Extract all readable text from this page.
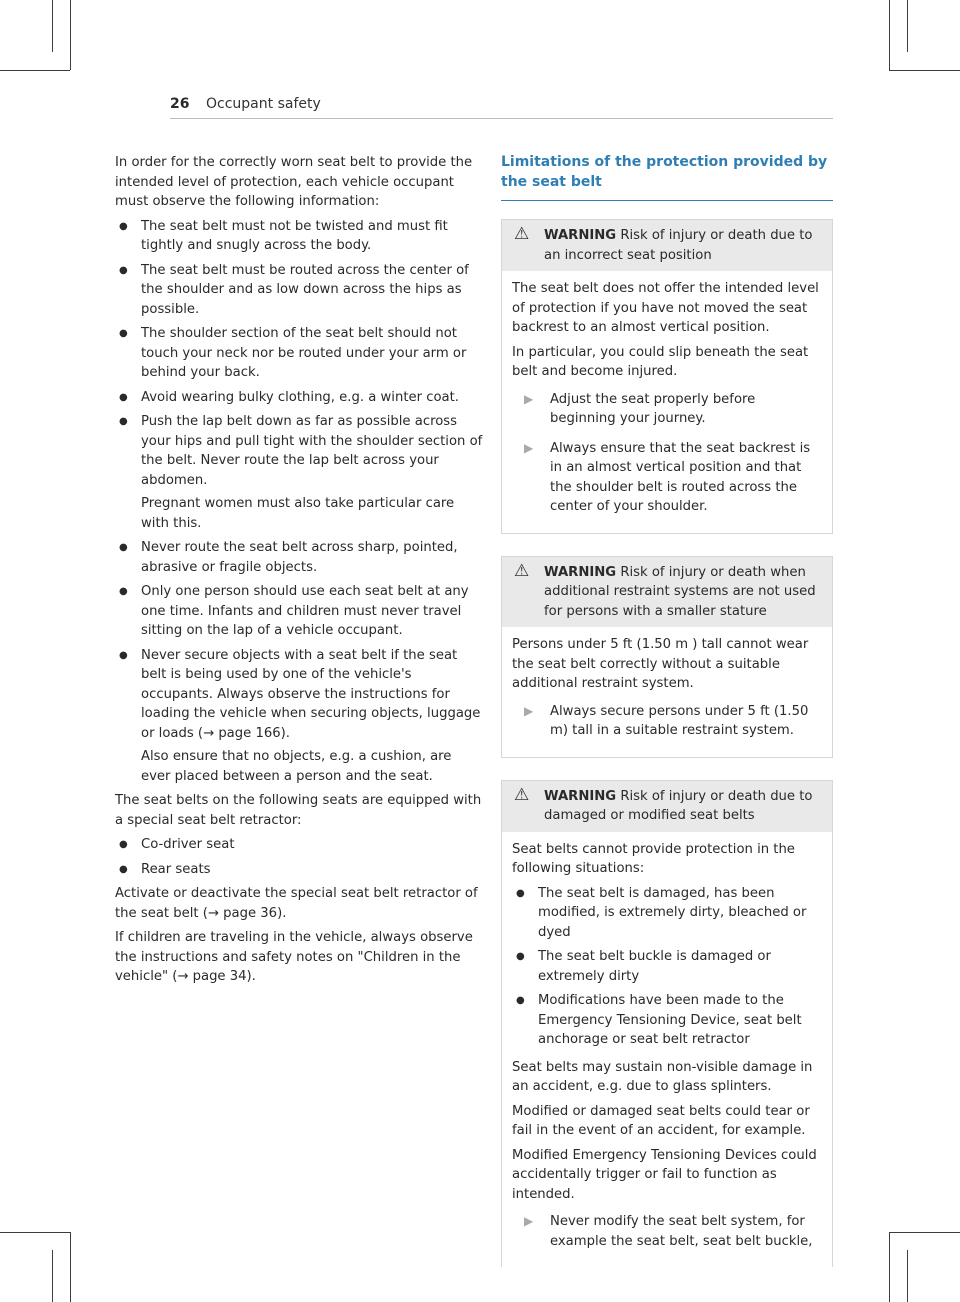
26 Occupant safety

In order for the correctly worn seat belt to provide the intended level of protection, each vehicle occupant must observe the following information:

● The seat belt must not be twisted and must fit tightly and snugly across the body.
● The seat belt must be routed across the center of the shoulder and as low down across the hips as possible.
● The shoulder section of the seat belt should not touch your neck nor be routed under your arm or behind your back.
● Avoid wearing bulky clothing, e.g. a winter coat.
● Push the lap belt down as far as possible across your hips and pull tight with the shoulder section of the belt. Never route the lap belt across your abdomen.

Pregnant women must also take particular care with this.

● Never route the seat belt across sharp, pointed, abrasive or fragile objects.
● Only one person should use each seat belt at any one time. Infants and children must never travel sitting on the lap of a vehicle occupant.
● Never secure objects with a seat belt if the seat belt is being used by one of the vehicle's occupants. Always observe the instructions for loading the vehicle when securing objects, luggage or loads (→ page 166).

Also ensure that no objects, e.g. a cushion, are ever placed between a person and the seat.

The seat belts on the following seats are equipped with a special seat belt retractor:

● Co-driver seat
● Rear seats

Activate or deactivate the special seat belt retractor of the seat belt (→ page 36).

If children are traveling in the vehicle, always observe the instructions and safety notes on "Children in the vehicle" (→ page 34).

Limitations of the protection provided by the seat belt
⚠ WARNING Risk of injury or death due to an incorrect seat position

The seat belt does not offer the intended level of protection if you have not moved the seat backrest to an almost vertical position.

In particular, you could slip beneath the seat belt and become injured.

▶ Adjust the seat properly before beginning your journey.
▶ Always ensure that the seat backrest is in an almost vertical position and that the shoulder belt is routed across the center of your shoulder.
⚠ WARNING Risk of injury or death when additional restraint systems are not used for persons with a smaller stature

Persons under 5 ft (1.50 m ) tall cannot wear the seat belt correctly without a suitable additional restraint system.

▶ Always secure persons under 5 ft (1.50 m) tall in a suitable restraint system.
⚠ WARNING Risk of injury or death due to damaged or modified seat belts

Seat belts cannot provide protection in the following situations:

● The seat belt is damaged, has been modified, is extremely dirty, bleached or dyed
● The seat belt buckle is damaged or extremely dirty
● Modifications have been made to the Emergency Tensioning Device, seat belt anchorage or seat belt retractor

Seat belts may sustain non-visible damage in an accident, e.g. due to glass splinters.

Modified or damaged seat belts could tear or fail in the event of an accident, for example.

Modified Emergency Tensioning Devices could accidentally trigger or fail to function as intended.

▶ Never modify the seat belt system, for example the seat belt, seat belt buckle,
